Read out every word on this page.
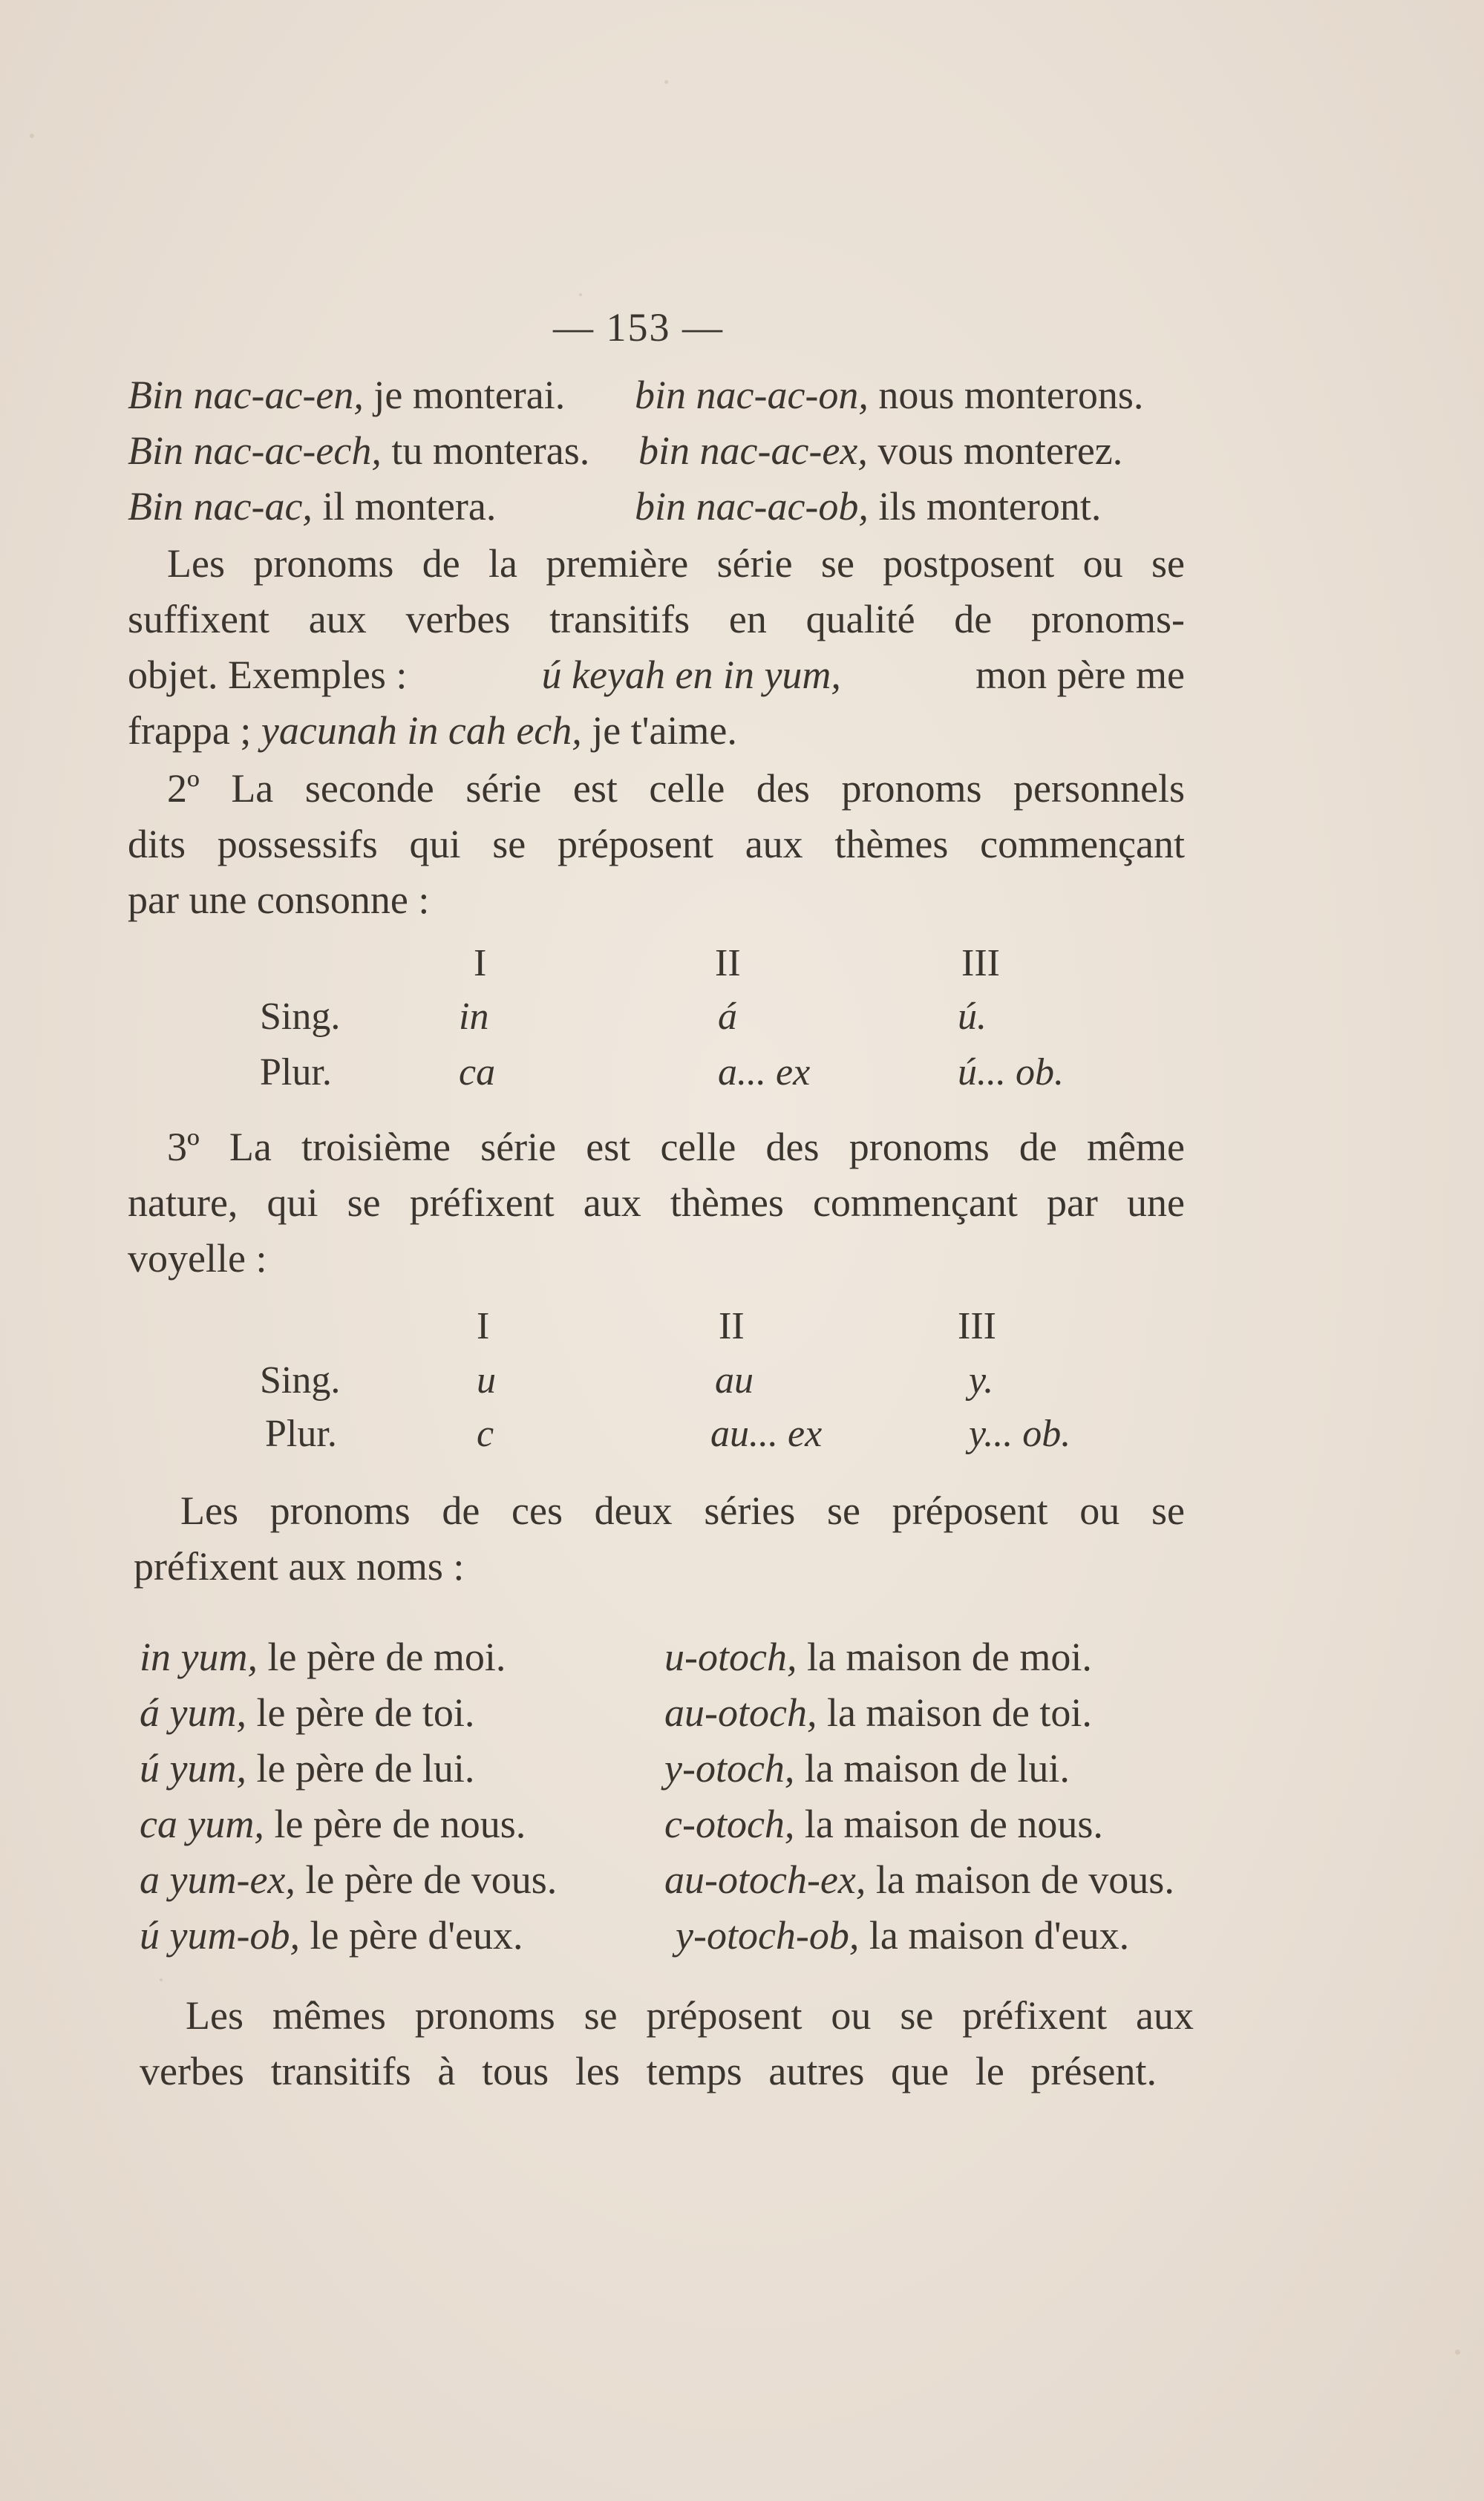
— 153 —
Bin nac-ac-en, je monterai. bin nac-ac-on, nous monterons.
Bin nac-ac-ech, tu monteras. bin nac-ac-ex, vous monterez.
Bin nac-ac, il montera.	bin nac-ac-ob, ils monteront.
Les pronoms de la première série se postposent ou se
suffixent aux verbes transitifs en qualité de pronoms-
objet. Exemples :	ú keyah en in yum,	mon père me
frappa ; yacunah in cah ech, je t'aime.
2º La seconde série est celle des pronoms personnels
dits possessifs qui se préposent aux thèmes commençant
par une consonne :
I	II	III
Sing.	in	á	ú.
Plur.	ca	a... ex	ú... ob.
3º La troisième série est celle des pronoms de même
nature, qui se préfixent aux thèmes commençant par une
voyelle :
I	II	III
Sing.	u	au	y.
Plur.	c	au... ex	y... ob.
Les pronoms de ces deux séries se préposent ou se
préfixent aux noms :
in yum, le père de moi.	u-otoch, la maison de moi.
á yum, le père de toi.	au-otoch, la maison de toi.
ú yum, le père de lui.	y-otoch, la maison de lui.
ca yum, le père de nous.	c-otoch, la maison de nous.
a yum-ex, le père de vous.	au-otoch-ex, la maison de vous.
ú yum-ob, le père d'eux.	y-otoch-ob, la maison d'eux.
Les mêmes pronoms se préposent ou se préfixent aux
verbes transitifs à tous les temps autres que le présent.
